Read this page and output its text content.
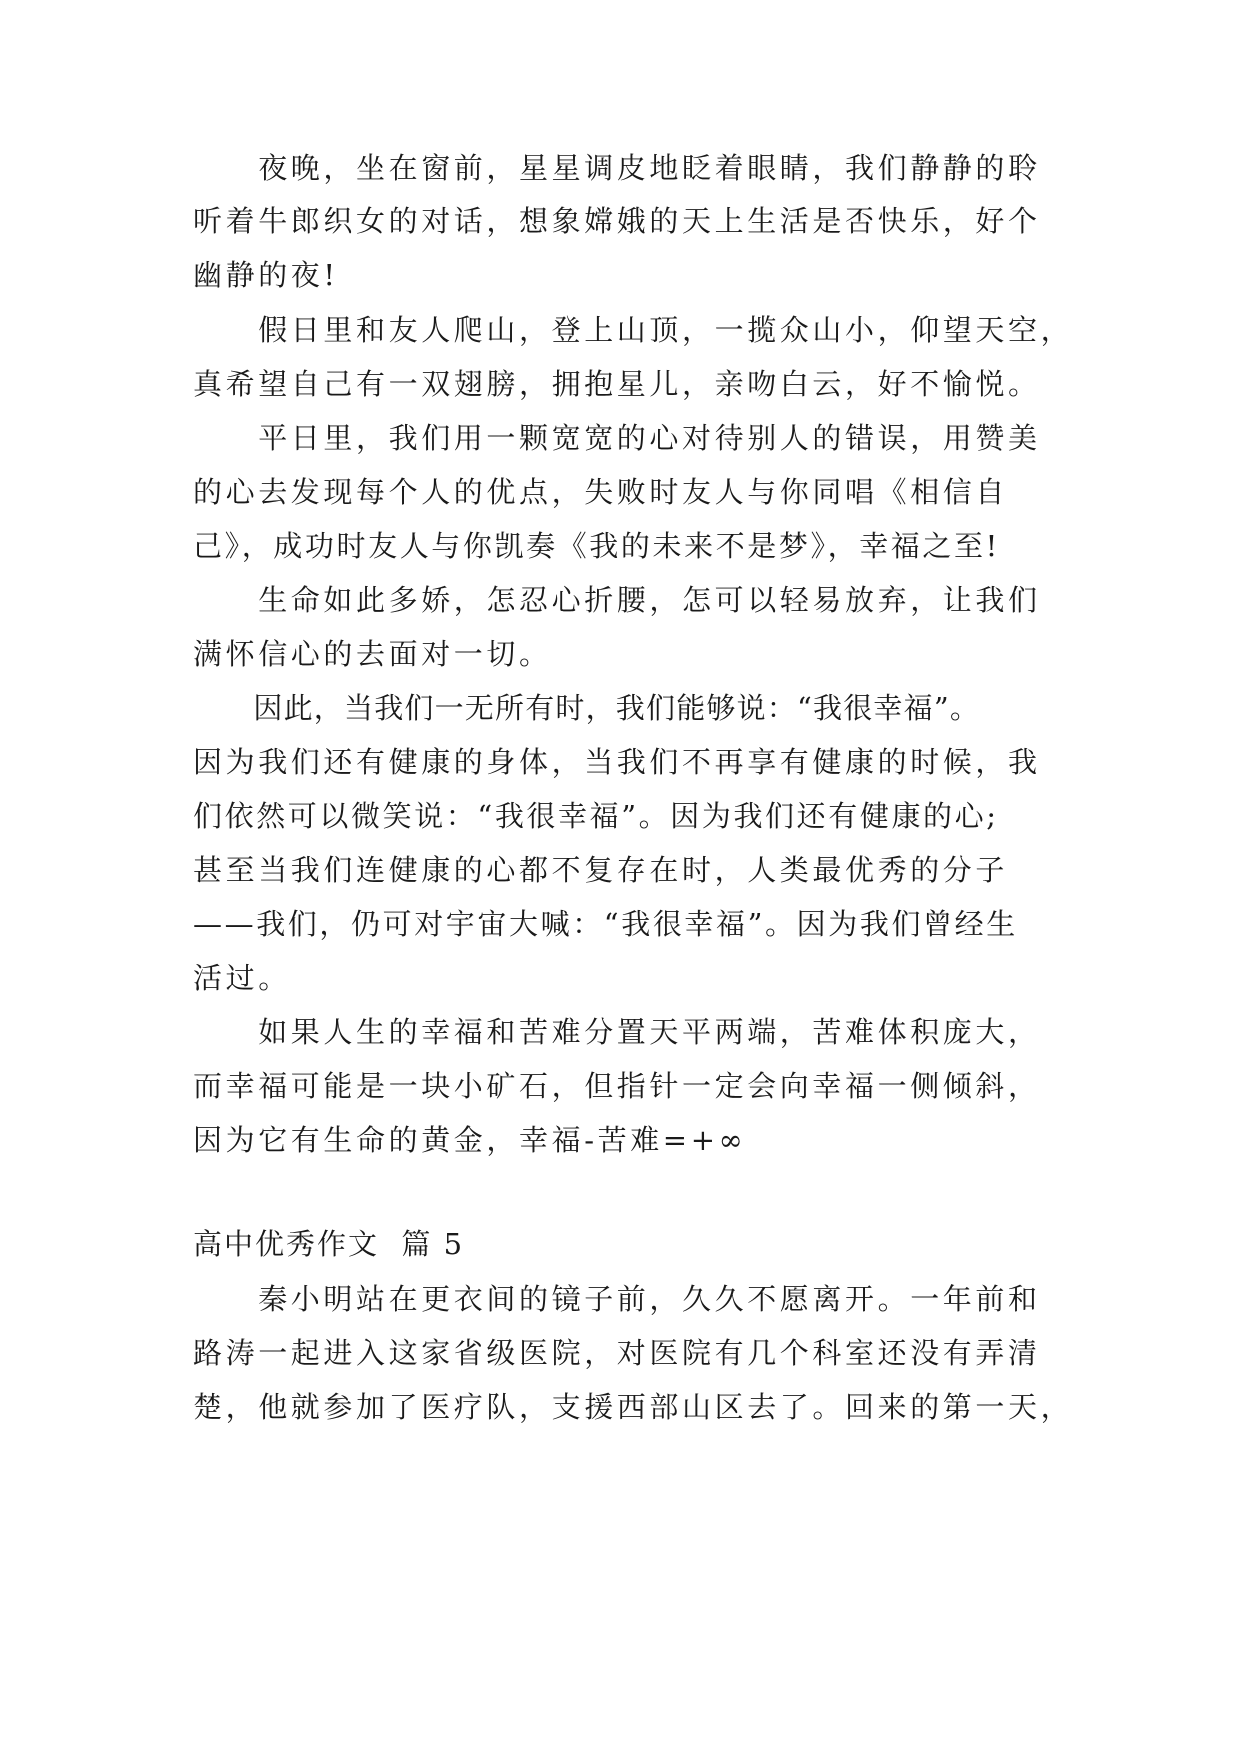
　　夜晚，坐在窗前，星星调皮地眨着眼睛，我们静静的聆
听着牛郎织女的对话，想象嫦娥的天上生活是否快乐，好个
幽静的夜!
　　假日里和友人爬山，登上山顶，一揽众山小，仰望天空，
真希望自己有一双翅膀，拥抱星儿，亲吻白云，好不愉悦。
　　平日里，我们用一颗宽宽的心对待别人的错误，用赞美
的心去发现每个人的优点，失败时友人与你同唱《相信自
己》，成功时友人与你凯奏《我的未来不是梦》，幸福之至!
　　生命如此多娇，怎忍心折腰，怎可以轻易放弃，让我们
满怀信心的去面对一切。
　　因此，当我们一无所有时，我们能够说：“我很幸福”。
因为我们还有健康的身体，当我们不再享有健康的时候，我
们依然可以微笑说：“我很幸福”。因为我们还有健康的心;
甚至当我们连健康的心都不复存在时，人类最优秀的分子
——我们，仍可对宇宙大喊：“我很幸福”。因为我们曾经生
活过。
　　如果人生的幸福和苦难分置天平两端，苦难体积庞大，
而幸福可能是一块小矿石，但指针一定会向幸福一侧倾斜，
因为它有生命的黄金，幸福-苦难=+∞
高中优秀作文  篇 5
　　秦小明站在更衣间的镜子前，久久不愿离开。一年前和
路涛一起进入这家省级医院，对医院有几个科室还没有弄清
楚，他就参加了医疗队，支援西部山区去了。回来的第一天，
